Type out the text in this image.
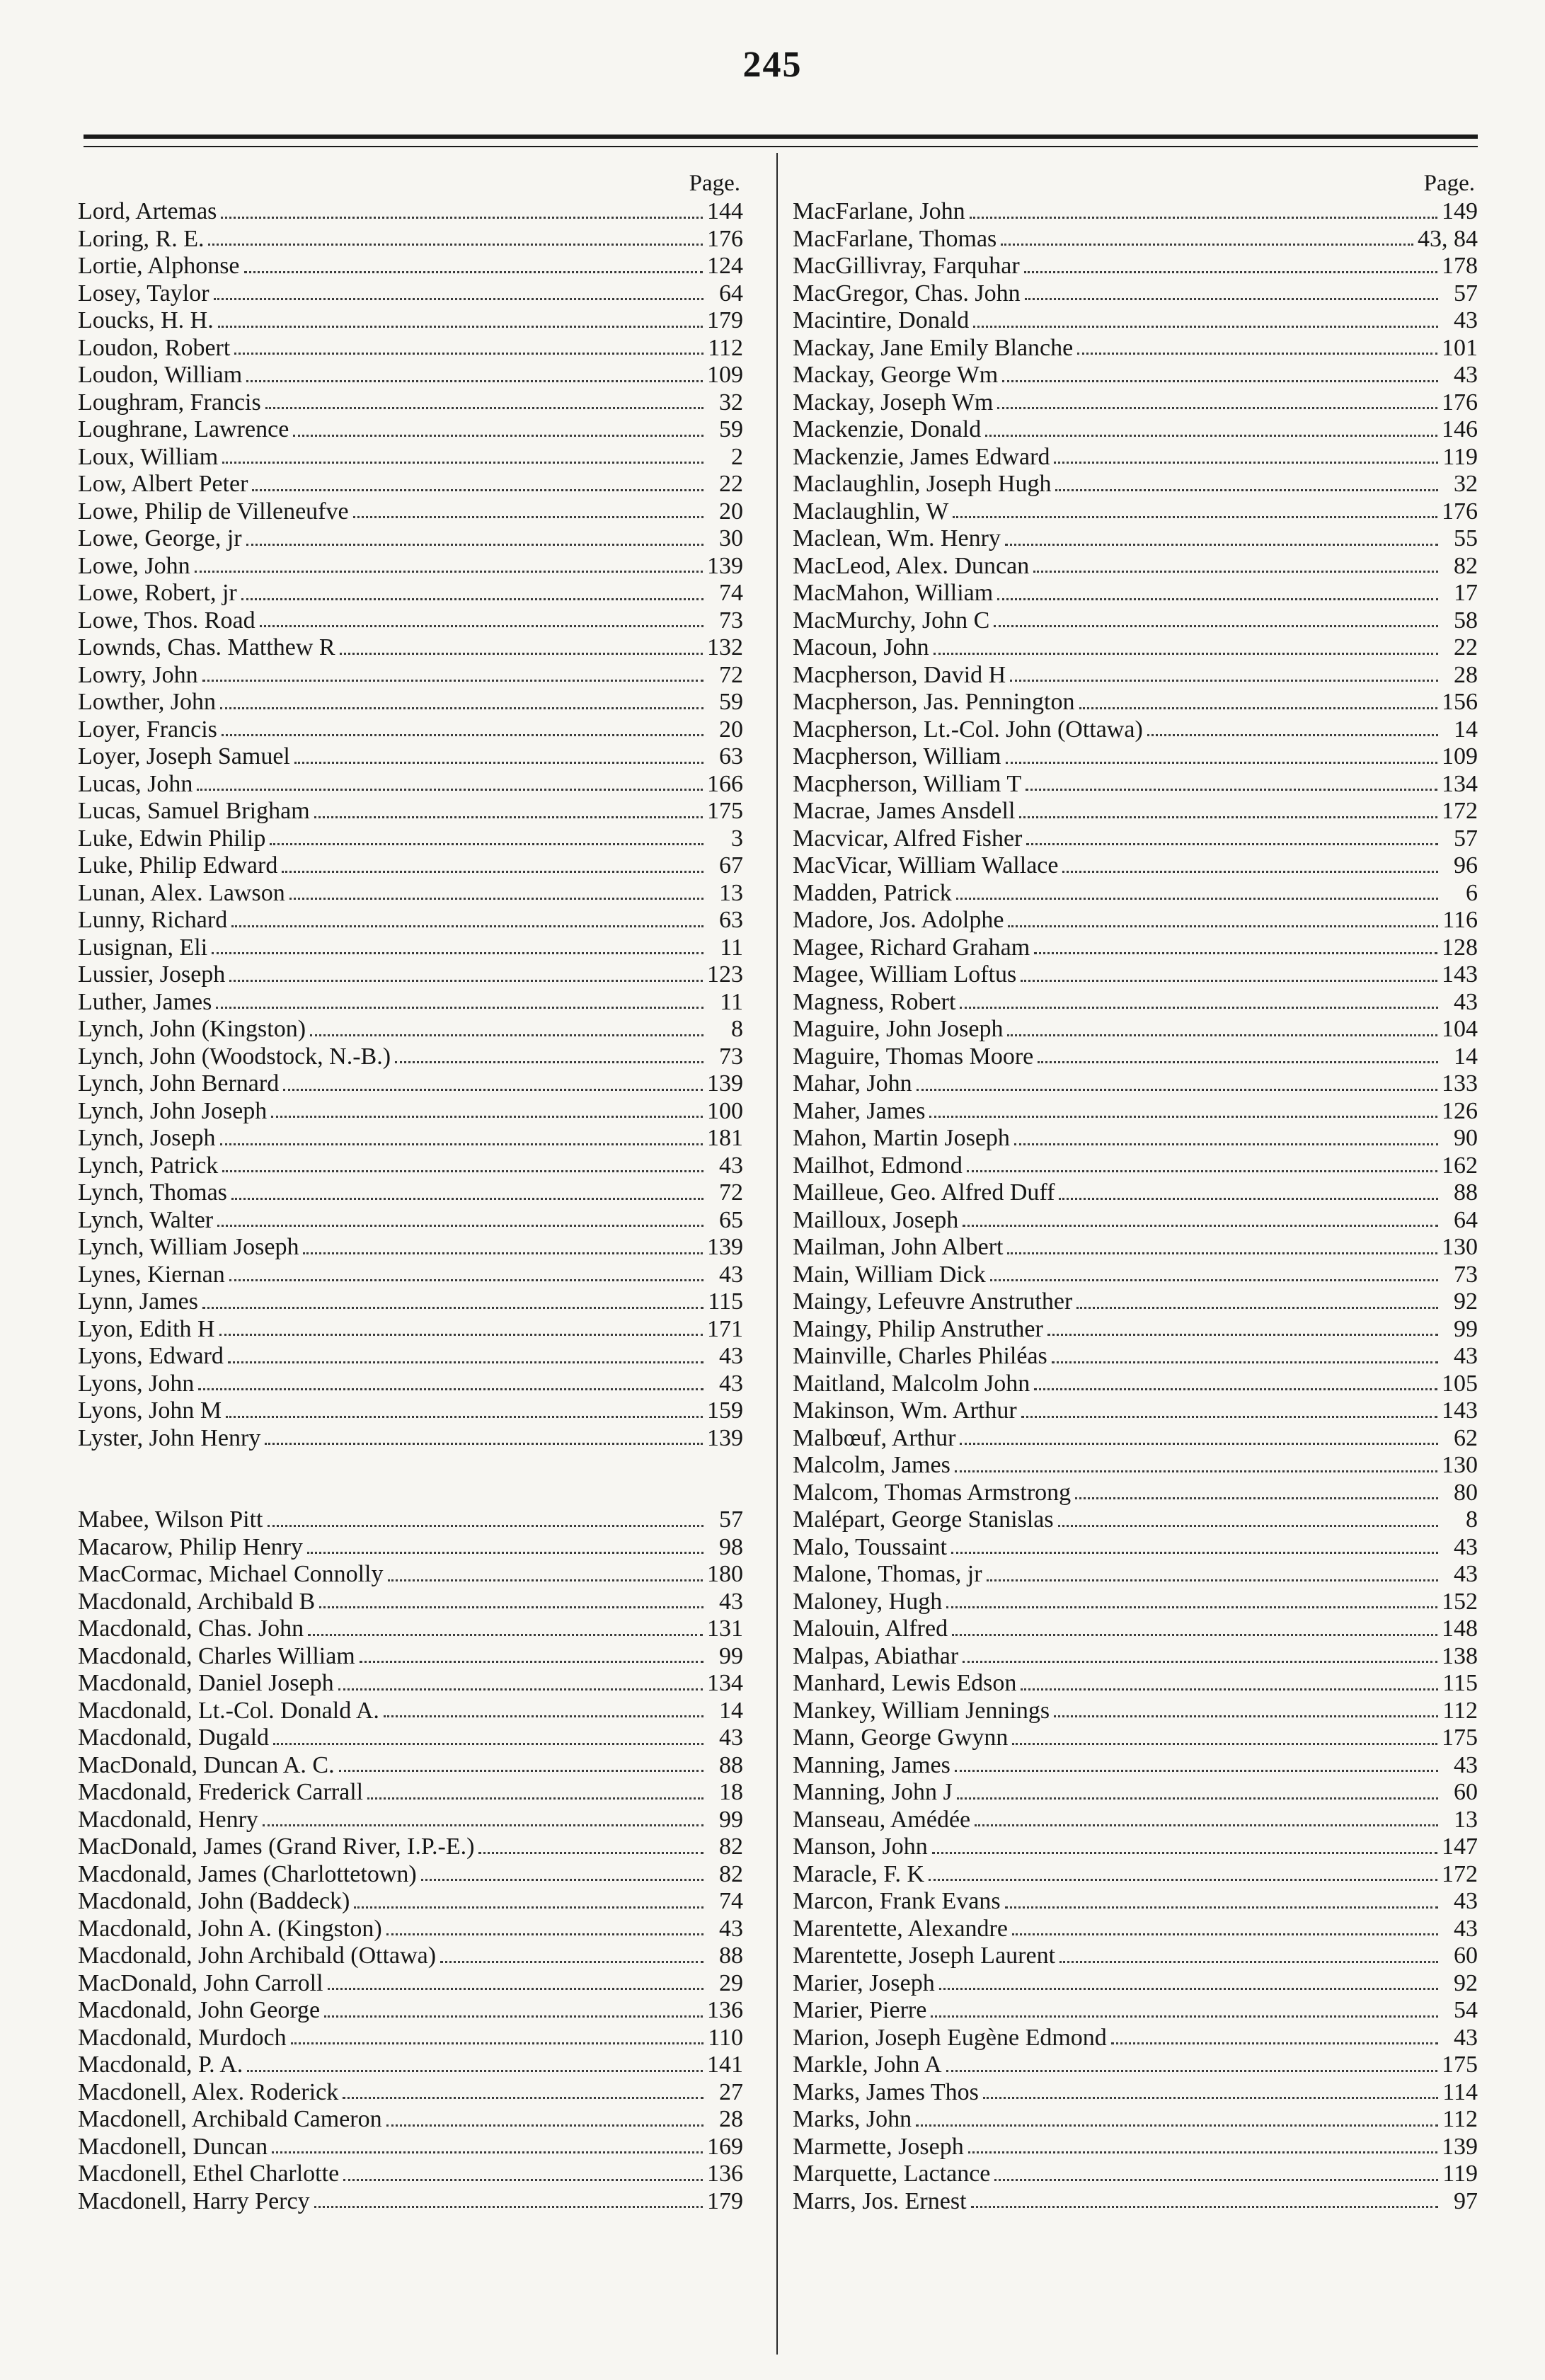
245
Page.
Lord, Artemas	144
Loring, R. E.	176
Lortie, Alphonse	124
Losey, Taylor	64
Loucks, H. H.	179
Loudon, Robert	112
Loudon, William	109
Loughram, Francis	32
Loughrane, Lawrence	59
Loux, William	2
Low, Albert Peter	22
Lowe, Philip de Villeneufve	20
Lowe, George, jr	30
Lowe, John	139
Lowe, Robert, jr	74
Lowe, Thos. Road	73
Lownds, Chas. Matthew R	132
Lowry, John	72
Lowther, John	59
Loyer, Francis	20
Loyer, Joseph Samuel	63
Lucas, John	166
Lucas, Samuel Brigham	175
Luke, Edwin Philip	3
Luke, Philip Edward	67
Lunan, Alex. Lawson	13
Lunny, Richard	63
Lusignan, Eli	11
Lussier, Joseph	123
Luther, James	11
Lynch, John (Kingston)	8
Lynch, John (Woodstock, N.-B.)	73
Lynch, John Bernard	139
Lynch, John Joseph	100
Lynch, Joseph	181
Lynch, Patrick	43
Lynch, Thomas	72
Lynch, Walter	65
Lynch, William Joseph	139
Lynes, Kiernan	43
Lynn, James	115
Lyon, Edith H	171
Lyons, Edward	43
Lyons, John	43
Lyons, John M	159
Lyster, John Henry	139
Mabee, Wilson Pitt	57
Macarow, Philip Henry	98
MacCormac, Michael Connolly	180
Macdonald, Archibald B	43
Macdonald, Chas. John	131
Macdonald, Charles William	99
Macdonald, Daniel Joseph	134
Macdonald, Lt.-Col. Donald A.	14
Macdonald, Dugald	43
MacDonald, Duncan A. C.	88
Macdonald, Frederick Carrall	18
Macdonald, Henry	99
MacDonald, James (Grand River, I.P.-E.)	82
Macdonald, James (Charlottetown)	82
Macdonald, John (Baddeck)	74
Macdonald, John A. (Kingston)	43
Macdonald, John Archibald (Ottawa)	88
MacDonald, John Carroll	29
Macdonald, John George	136
Macdonald, Murdoch	110
Macdonald, P. A.	141
Macdonell, Alex. Roderick	27
Macdonell, Archibald Cameron	28
Macdonell, Duncan	169
Macdonell, Ethel Charlotte	136
Macdonell, Harry Percy	179
Page.
MacFarlane, John	149
MacFarlane, Thomas	43, 84
MacGillivray, Farquhar	178
MacGregor, Chas. John	57
Macintire, Donald	43
Mackay, Jane Emily Blanche	101
Mackay, George Wm	43
Mackay, Joseph Wm	176
Mackenzie, Donald	146
Mackenzie, James Edward	119
Maclaughlin, Joseph Hugh	32
Maclaughlin, W	176
Maclean, Wm. Henry	55
MacLeod, Alex. Duncan	82
MacMahon, William	17
MacMurchy, John C	58
Macoun, John	22
Macpherson, David H	28
Macpherson, Jas. Pennington	156
Macpherson, Lt.-Col. John (Ottawa)	14
Macpherson, William	109
Macpherson, William T	134
Macrae, James Ansdell	172
Macvicar, Alfred Fisher	57
MacVicar, William Wallace	96
Madden, Patrick	6
Madore, Jos. Adolphe	116
Magee, Richard Graham	128
Magee, William Loftus	143
Magness, Robert	43
Maguire, John Joseph	104
Maguire, Thomas Moore	14
Mahar, John	133
Maher, James	126
Mahon, Martin Joseph	90
Mailhot, Edmond	162
Mailleue, Geo. Alfred Duff	88
Mailloux, Joseph	64
Mailman, John Albert	130
Main, William Dick	73
Maingy, Lefeuvre Anstruther	92
Maingy, Philip Anstruther	99
Mainville, Charles Philéas	43
Maitland, Malcolm John	105
Makinson, Wm. Arthur	143
Malbœuf, Arthur	62
Malcolm, James	130
Malcom, Thomas Armstrong	80
Malépart, George Stanislas	8
Malo, Toussaint	43
Malone, Thomas, jr	43
Maloney, Hugh	152
Malouin, Alfred	148
Malpas, Abiathar	138
Manhard, Lewis Edson	115
Mankey, William Jennings	112
Mann, George Gwynn	175
Manning, James	43
Manning, John J	60
Manseau, Amédée	13
Manson, John	147
Maracle, F. K	172
Marcon, Frank Evans	43
Marentette, Alexandre	43
Marentette, Joseph Laurent	60
Marier, Joseph	92
Marier, Pierre	54
Marion, Joseph Eugène Edmond	43
Markle, John A	175
Marks, James Thos	114
Marks, John	112
Marmette, Joseph	139
Marquette, Lactance	119
Marrs, Jos. Ernest	97
